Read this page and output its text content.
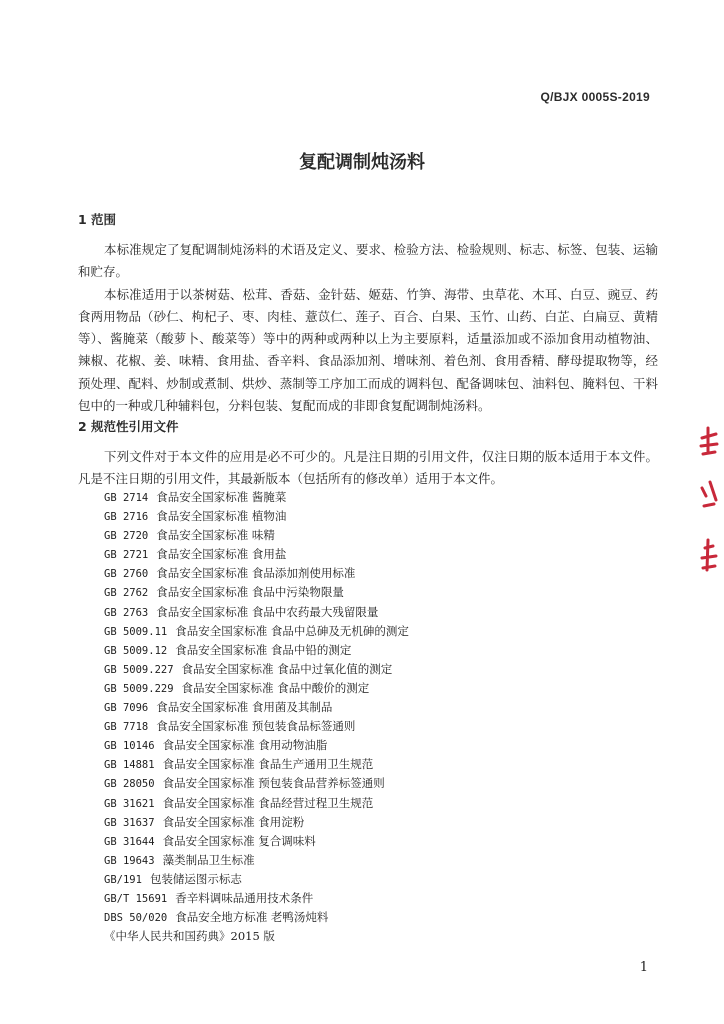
Q/BJX 0005S-2019
复配调制炖汤料
1 范围

本标准规定了复配调制炖汤料的术语及定义、要求、检验方法、检验规则、标志、标签、包装、运输和贮存。

本标准适用于以茶树菇、松茸、香菇、金针菇、姬菇、竹笋、海带、虫草花、木耳、白豆、豌豆、药食两用物品（砂仁、枸杞子、枣、肉桂、薏苡仁、莲子、百合、白果、玉竹、山药、白芷、白扁豆、黄精等）、酱腌菜（酸萝卜、酸菜等）等中的两种或两种以上为主要原料，适量添加或不添加食用动植物油、辣椒、花椒、姜、味精、食用盐、香辛料、食品添加剂、增味剂、着色剂、食用香精、酵母提取物等，经预处理、配料、炒制或煮制、烘炒、蒸制等工序加工而成的调料包、配备调味包、油料包、腌料包、干料包中的一种或几种辅料包，分料包装、复配而成的非即食复配调制炖汤料。

2 规范性引用文件

下列文件对于本文件的应用是必不可少的。凡是注日期的引用文件，仅注日期的版本适用于本文件。凡是不注日期的引用文件，其最新版本（包括所有的修改单）适用于本文件。

GB 2714 食品安全国家标准 酱腌菜
GB 2716 食品安全国家标准 植物油
GB 2720 食品安全国家标准 味精
GB 2721 食品安全国家标准 食用盐
GB 2760 食品安全国家标准 食品添加剂使用标准
GB 2762 食品安全国家标准 食品中污染物限量
GB 2763 食品安全国家标准 食品中农药最大残留限量
GB 5009.11 食品安全国家标准 食品中总砷及无机砷的测定
GB 5009.12 食品安全国家标准 食品中铅的测定
GB 5009.227 食品安全国家标准 食品中过氧化值的测定
GB 5009.229 食品安全国家标准 食品中酸价的测定
GB 7096 食品安全国家标准 食用菌及其制品
GB 7718 食品安全国家标准 预包装食品标签通则
GB 10146 食品安全国家标准 食用动物油脂
GB 14881 食品安全国家标准 食品生产通用卫生规范
GB 28050 食品安全国家标准 预包装食品营养标签通则
GB 31621 食品安全国家标准 食品经营过程卫生规范
GB 31637 食品安全国家标准 食用淀粉
GB 31644 食品安全国家标准 复合调味料
GB 19643 藻类制品卫生标准
GB/191 包装储运图示标志
GB/T 15691 香辛料调味品通用技术条件
DBS 50/020 食品安全地方标准 老鸭汤炖料
《中华人民共和国药典》2015 版
1
